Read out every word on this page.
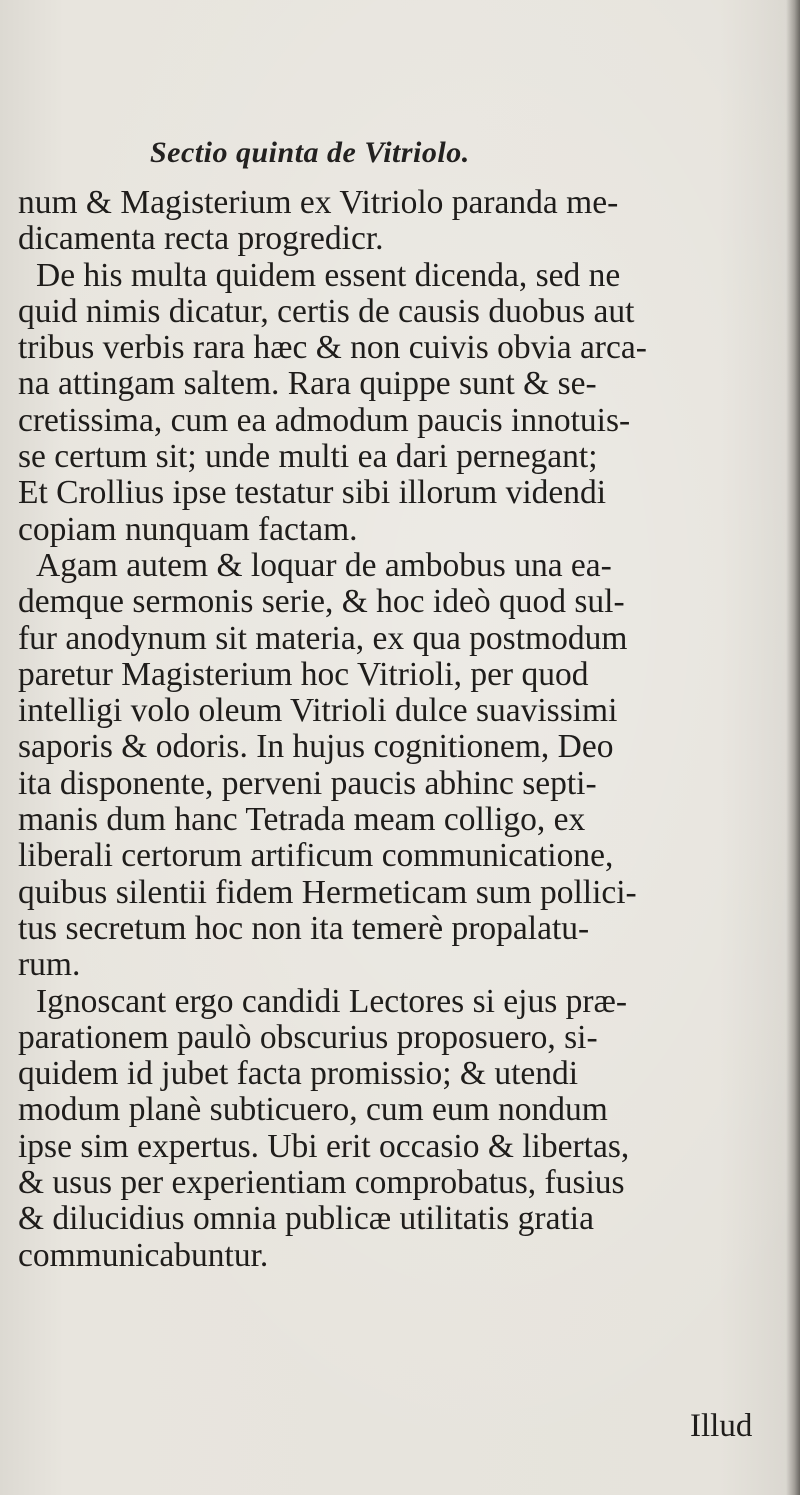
Sectio quinta de Vitriolo.
num & Magisterium ex Vitriolo paranda me-
dicamenta recta progredicr.
De his multa quidem essent dicenda, sed ne
quid nimis dicatur, certis de causis duobus aut
tribus verbis rara hæc & non cuivis obvia arca-
na attingam saltem. Rara quippe sunt & se-
cretissima, cum ea admodum paucis innotuis-
se certum sit; unde multi ea dari pernegant;
Et Crollius ipse testatur sibi illorum videndi
copiam nunquam factam.
Agam autem & loquar de ambobus una ea-
demque sermonis serie, & hoc ideò quod sul-
fur anodynum sit materia, ex qua postmodum
paretur Magisterium hoc Vitrioli, per quod
intelligi volo oleum Vitrioli dulce suavissimi
saporis & odoris. In hujus cognitionem, Deo
ita disponente, perveni paucis abhinc septi-
manis dum hanc Tetrada meam colligo, ex
liberali certorum artificum communicatione,
quibus silentii fidem Hermeticam sum pollici-
tus secretum hoc non ita temerè propalatu-
rum.
Ignoscant ergo candidi Lectores si ejus præ-
parationem paulò obscurius proposuero, si-
quidem id jubet facta promissio; & utendi
modum planè subticuero, cum eum nondum
ipse sim expertus. Ubi erit occasio & libertas,
& usus per experientiam comprobatus, fusius
& dilucidius omnia publicæ utilitatis gratia
communicabuntur.

Illud
